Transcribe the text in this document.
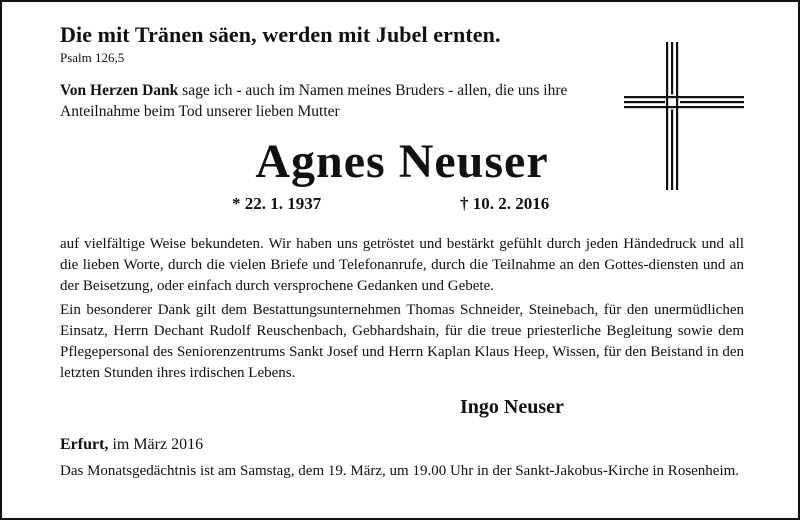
Die mit Tränen säen, werden mit Jubel ernten.
Psalm 126,5
Von Herzen Dank sage ich - auch im Namen meines Bruders - allen, die uns ihre Anteilnahme beim Tod unserer lieben Mutter
Agnes Neuser
* 22. 1. 1937	† 10. 2. 2016
auf vielfältige Weise bekundeten. Wir haben uns getröstet und bestärkt gefühlt durch jeden Händedruck und all die lieben Worte, durch die vielen Briefe und Telefonanrufe, durch die Teilnahme an den Gottes-diensten und an der Beisetzung, oder einfach durch versprochene Gedanken und Gebete.
Ein besonderer Dank gilt dem Bestattungsunternehmen Thomas Schneider, Steinebach, für den unermüdlichen Einsatz, Herrn Dechant Rudolf Reuschenbach, Gebhardshain, für die treue priesterliche Begleitung sowie dem Pflegepersonal des Seniorenzentrums Sankt Josef und Herrn Kaplan Klaus Heep, Wissen, für den Beistand in den letzten Stunden ihres irdischen Lebens.
Ingo Neuser
Erfurt, im März 2016
Das Monatsgedächtnis ist am Samstag, dem 19. März, um 19.00 Uhr in der Sankt-Jakobus-Kirche in Rosenheim.
